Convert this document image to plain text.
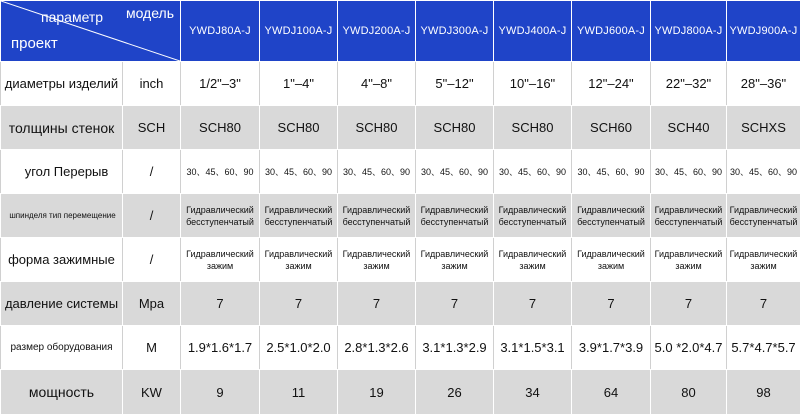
параметр модель
проект		YWDJ80A-J	YWDJ100A-J	YWDJ200A-J	YWDJ300A-J	YWDJ400A-J	YWDJ600A-J	YWDJ800A-J	YWDJ900A-J
диаметры изделий	inch	1/2"–3"	1"–4"	4"–8"	5"–12"	10"–16"	12"–24"	22"–32"	28"–36"
толщины стенок	SCH	SCH80	SCH80	SCH80	SCH80	SCH80	SCH60	SCH40	SCHXS
угол Перерыв	/	30、45、60、90	30、45、60、90	30、45、60、90	30、45、60、90	30、45、60、90	30、45、60、90	30、45、60、90	30、45、60、90
шпинделя тип перемещение	/	Гидравлический бесступенчатый	Гидравлический бесступенчатый	Гидравлический бесступенчатый	Гидравлический бесступенчатый	Гидравлический бесступенчатый	Гидравлический бесступенчатый	Гидравлический бесступенчатый	Гидравлический бесступенчатый
форма зажимные	/	Гидравлический зажим	Гидравлический зажим	Гидравлический зажим	Гидравлический зажим	Гидравлический зажим	Гидравлический зажим	Гидравлический зажим	Гидравлический зажим
давление системы	Mpa	7	7	7	7	7	7	7	7
размер оборудования	M	1.9*1.6*1.7	2.5*1.0*2.0	2.8*1.3*2.6	3.1*1.3*2.9	3.1*1.5*3.1	3.9*1.7*3.9	5.0 *2.0*4.7	5.7*4.7*5.7
мощность	KW	9	11	19	26	34	64	80	98
